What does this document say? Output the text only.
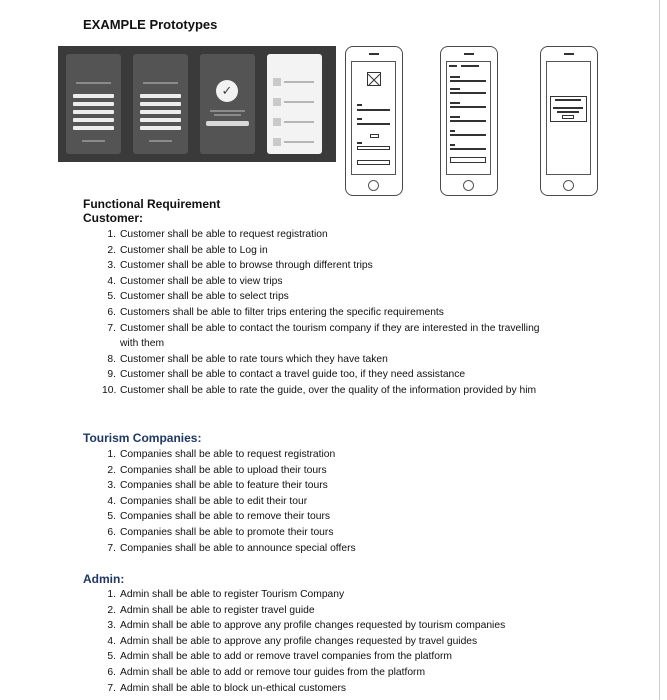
EXAMPLE Prototypes
✓
Functional Requirement
Customer:
1. Customer shall be able to request registration
2. Customer shall be able to Log in
3. Customer shall be able to browse through different trips
4. Customer shall be able to view trips
5. Customer shall be able to select trips
6. Customers shall be able to filter trips entering the specific requirements
7. Customer shall be able to contact the tourism company if they are interested in the travelling with them
8. Customer shall be able to rate tours which they have taken
9. Customer shall be able to contact a travel guide too, if they need assistance
10. Customer shall be able to rate the guide, over the quality of the information provided by him
Tourism Companies:
1. Companies shall be able to request registration
2. Companies shall be able to upload their tours
3. Companies shall be able to feature their tours
4. Companies shall be able to edit their tour
5. Companies shall be able to remove their tours
6. Companies shall be able to promote their tours
7. Companies shall be able to announce special offers
Admin:
1. Admin shall be able to register Tourism Company
2. Admin shall be able to register travel guide
3. Admin shall be able to approve any profile changes requested by tourism companies
4. Admin shall be able to approve any profile changes requested by travel guides
5. Admin shall be able to add or remove travel companies from the platform
6. Admin shall be able to add or remove tour guides from the platform
7. Admin shall be able to block un-ethical customers
